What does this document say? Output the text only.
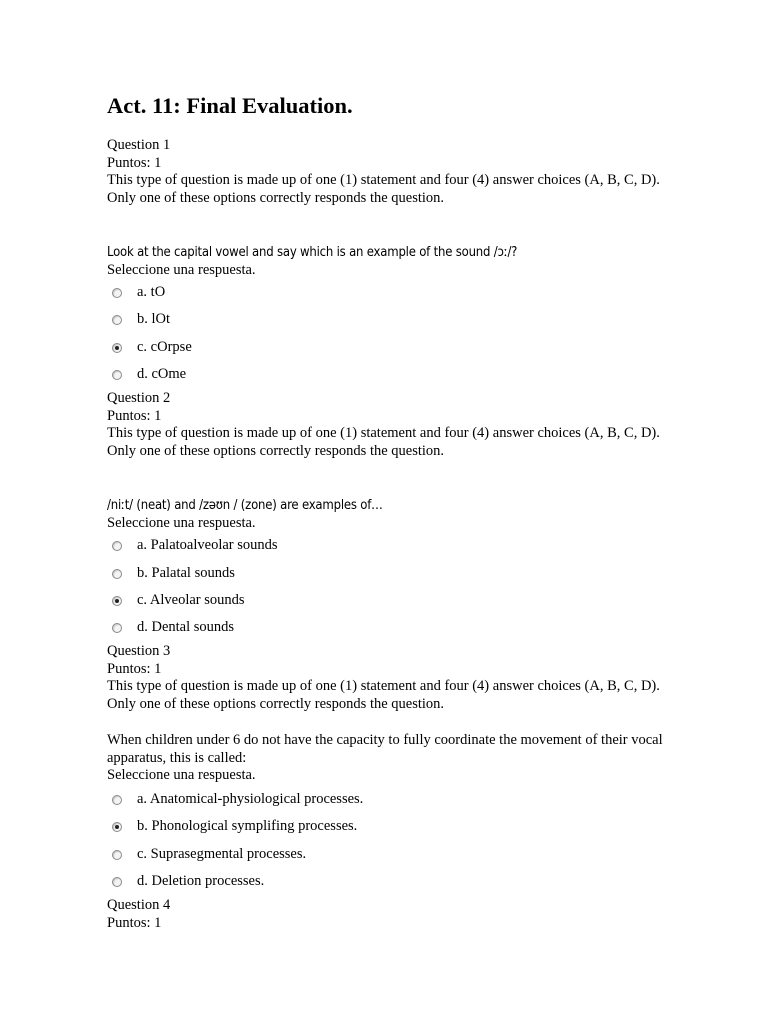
Act. 11: Final Evaluation.
Question 1
Puntos: 1
This type of question is made up of one (1) statement and four (4) answer choices (A, B, C, D). Only one of these options correctly responds the question.
Look at the capital vowel and say which is an example of the sound /ɔː/?
Seleccione una respuesta.
a. tO
b. lOt
c. cOrpse
d. cOme
Question 2
Puntos: 1
This type of question is made up of one (1) statement and four (4) answer choices (A, B, C, D). Only one of these options correctly responds the question.
/niːt/ (neat) and /zəʊn / (zone) are examples of…
Seleccione una respuesta.
a. Palatoalveolar sounds
b. Palatal sounds
c. Alveolar sounds
d. Dental sounds
Question 3
Puntos: 1
This type of question is made up of one (1) statement and four (4) answer choices (A, B, C, D). Only one of these options correctly responds the question.
When children under 6 do not have the capacity to fully coordinate the movement of their vocal apparatus, this is called:
Seleccione una respuesta.
a. Anatomical-physiological processes.
b. Phonological symplifing processes.
c. Suprasegmental processes.
d. Deletion processes.
Question 4
Puntos: 1
